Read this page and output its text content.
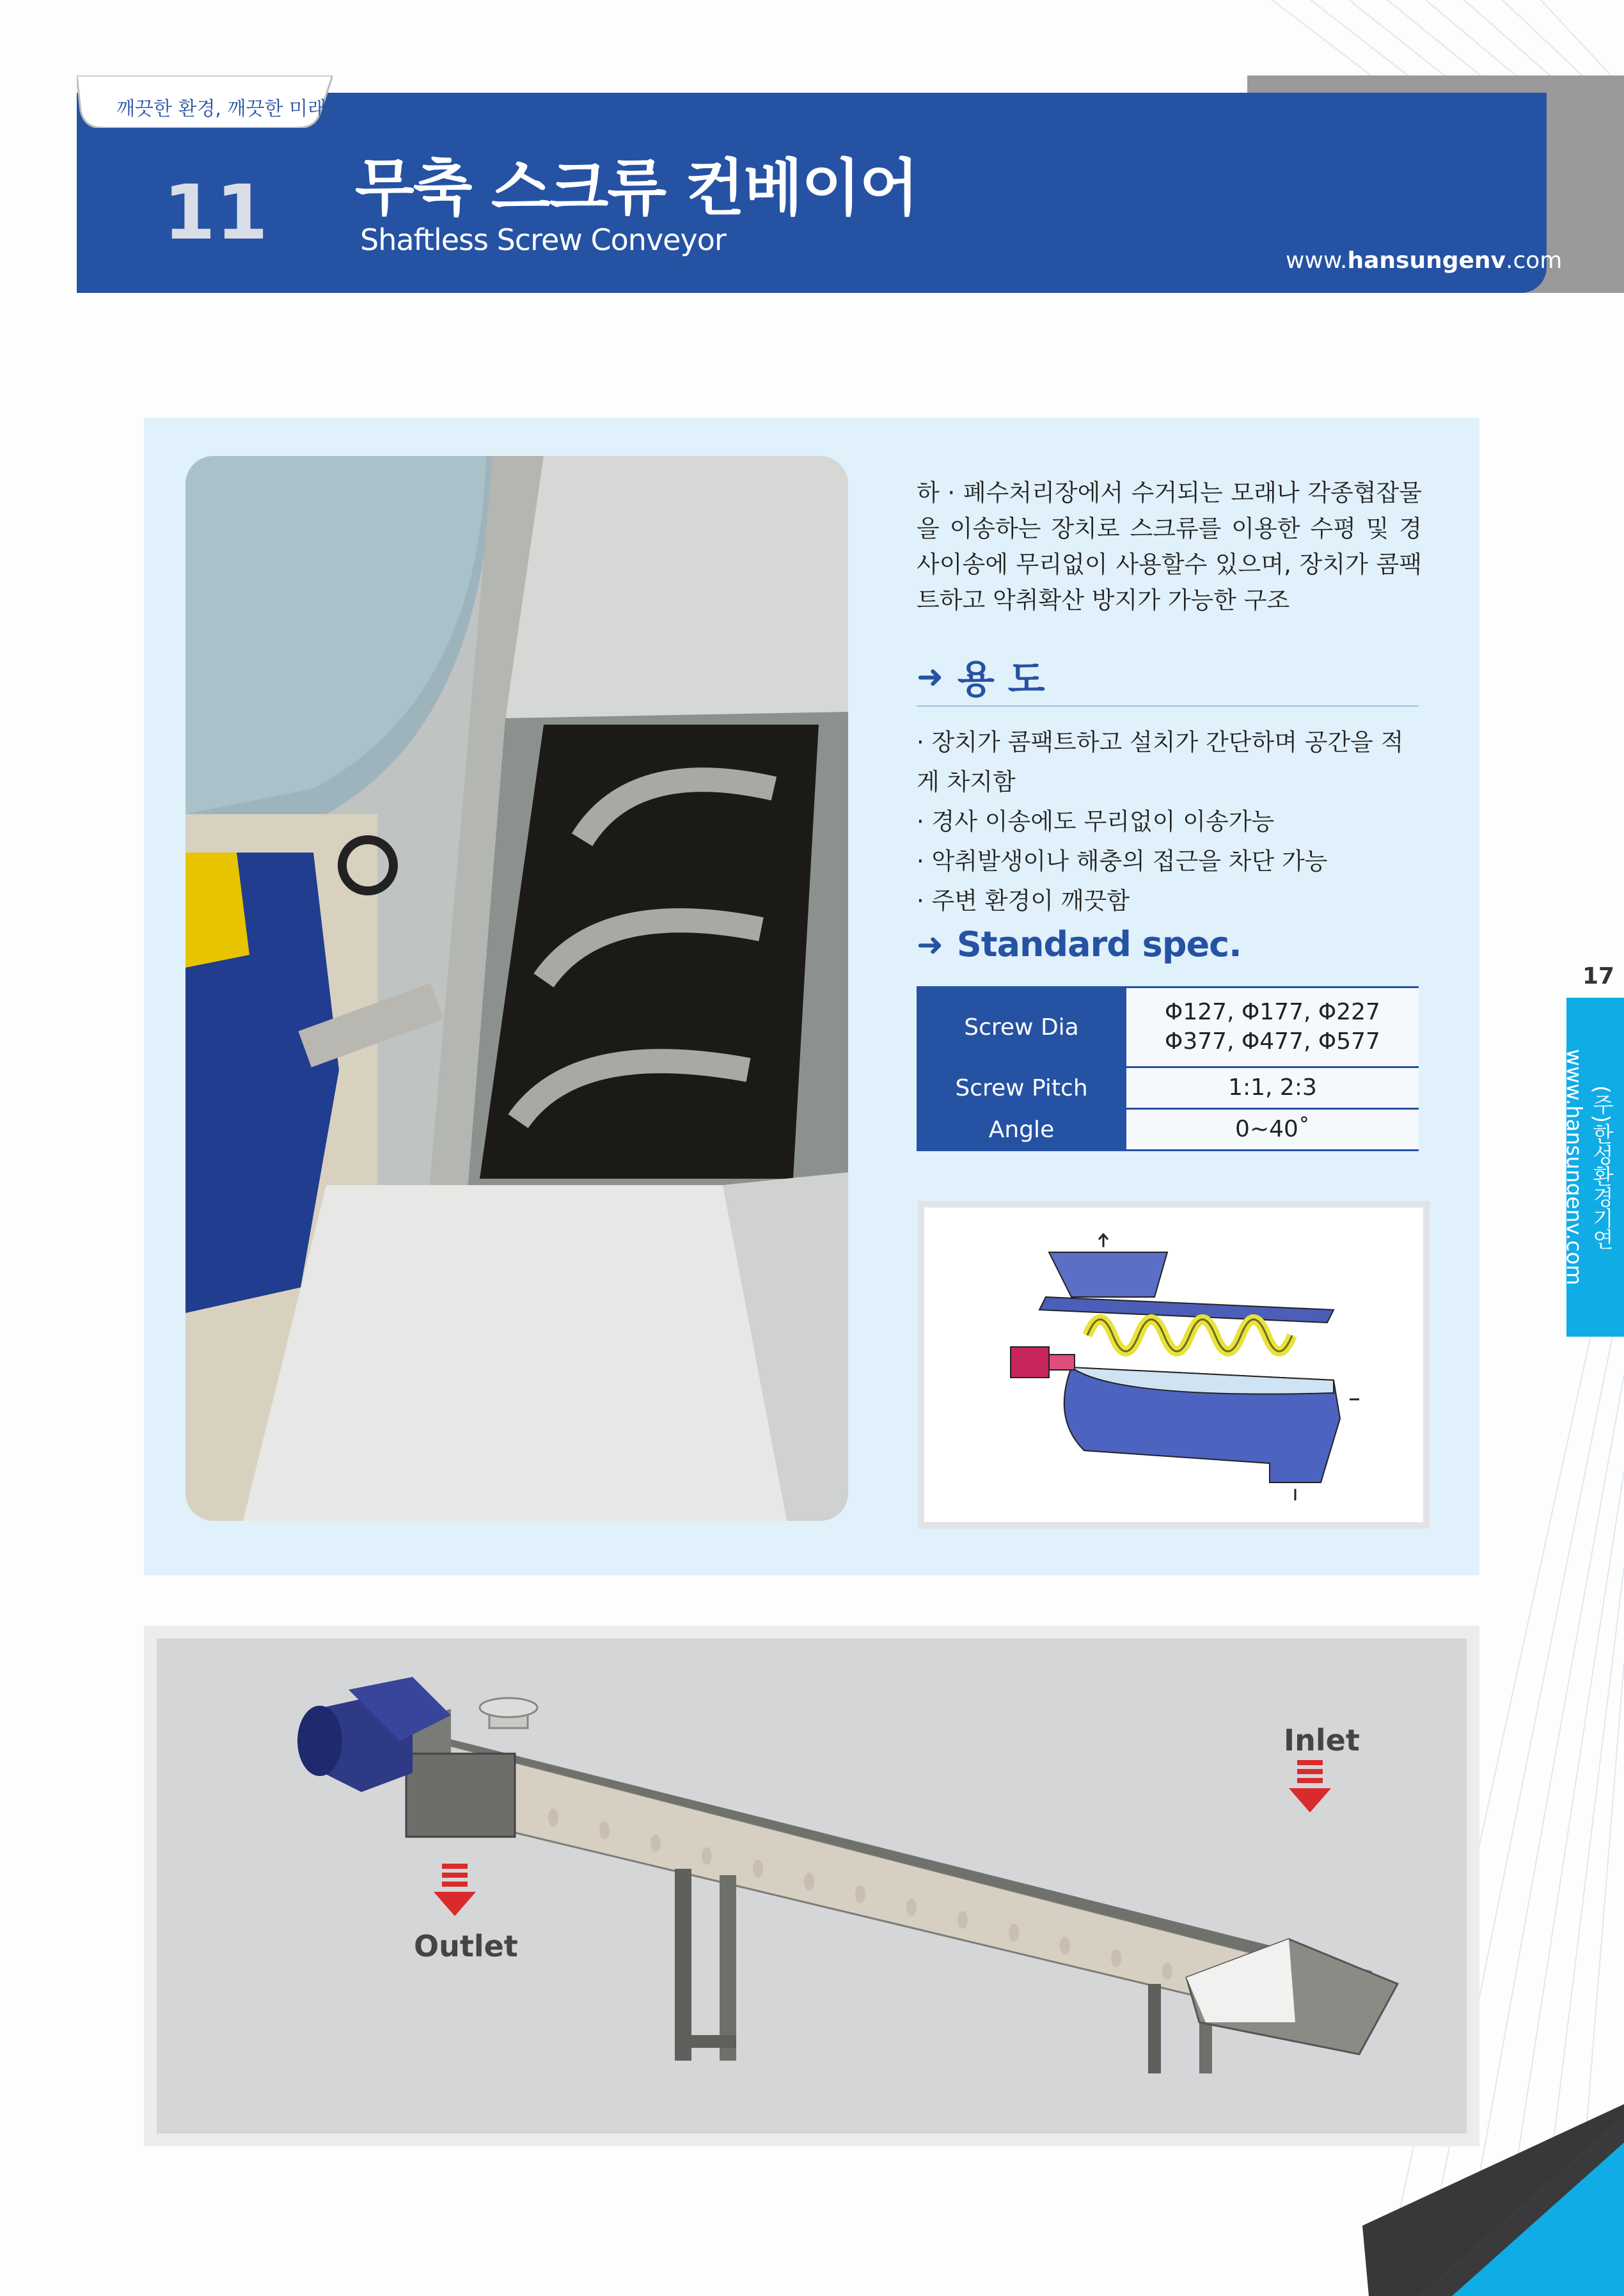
깨끗한 환경, 깨끗한 미래
11 무축 스크류 컨베이어
Shaftless Screw Conveyor
www.hansungenv.com
17
(주)한성환경기연 www.hansungenv.com
하 · 폐수처리장에서 수거되는 모래나 각종협잡물을 이송하는 장치로 스크류를 이용한 수평 및 경사이송에 무리없이 사용할수 있으며, 장치가 콤팩트하고 악취확산 방지가 가능한 구조
➜ 용 도
· 장치가 콤팩트하고 설치가 간단하며 공간을 적게 차지함
· 경사 이송에도 무리없이 이송가능
· 악취발생이나 해충의 접근을 차단 가능
· 주변 환경이 깨끗함
➜ Standard spec.
Screw Dia	Φ127, Φ177, Φ227
Φ377, Φ477, Φ577

Screw Pitch	1:1, 2:3
Angle	0~40˚
Inlet
Outlet
